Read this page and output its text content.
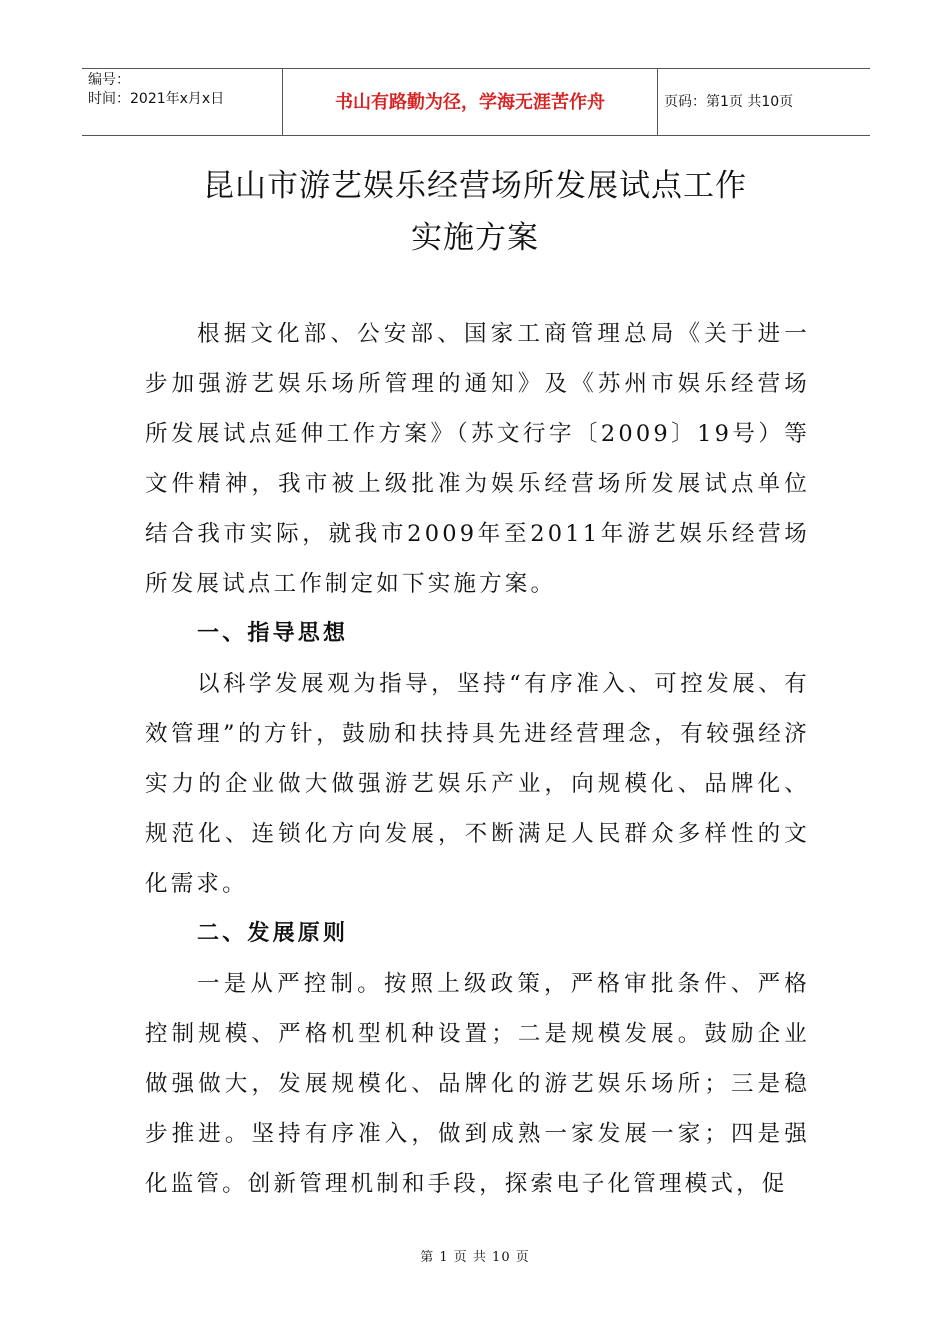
编号：
时间：2021年x月x日	书山有路勤为径，学海无涯苦作舟	页码：第1页 共10页
昆山市游艺娱乐经营场所发展试点工作
实施方案

根据文化部、公安部、国家工商管理总局《关于进一步加强游艺娱乐场所管理的通知》及《苏州市娱乐经营场所发展试点延伸工作方案》（苏文行字〔2009〕19号）等文件精神，我市被上级批准为娱乐经营场所发展试点单位结合我市实际，就我市2009年至2011年游艺娱乐经营场所发展试点工作制定如下实施方案。

一、指导思想

以科学发展观为指导，坚持“有序准入、可控发展、有效管理”的方针，鼓励和扶持具先进经营理念，有较强经济实力的企业做大做强游艺娱乐产业，向规模化、品牌化、规范化、连锁化方向发展，不断满足人民群众多样性的文化需求。

二、发展原则

一是从严控制。按照上级政策，严格审批条件、严格控制规模、严格机型机种设置；二是规模发展。鼓励企业做强做大，发展规模化、品牌化的游艺娱乐场所；三是稳步推进。坚持有序准入，做到成熟一家发展一家；四是强化监管。创新管理机制和手段，探索电子化管理模式，促

第 1 页 共 10 页
